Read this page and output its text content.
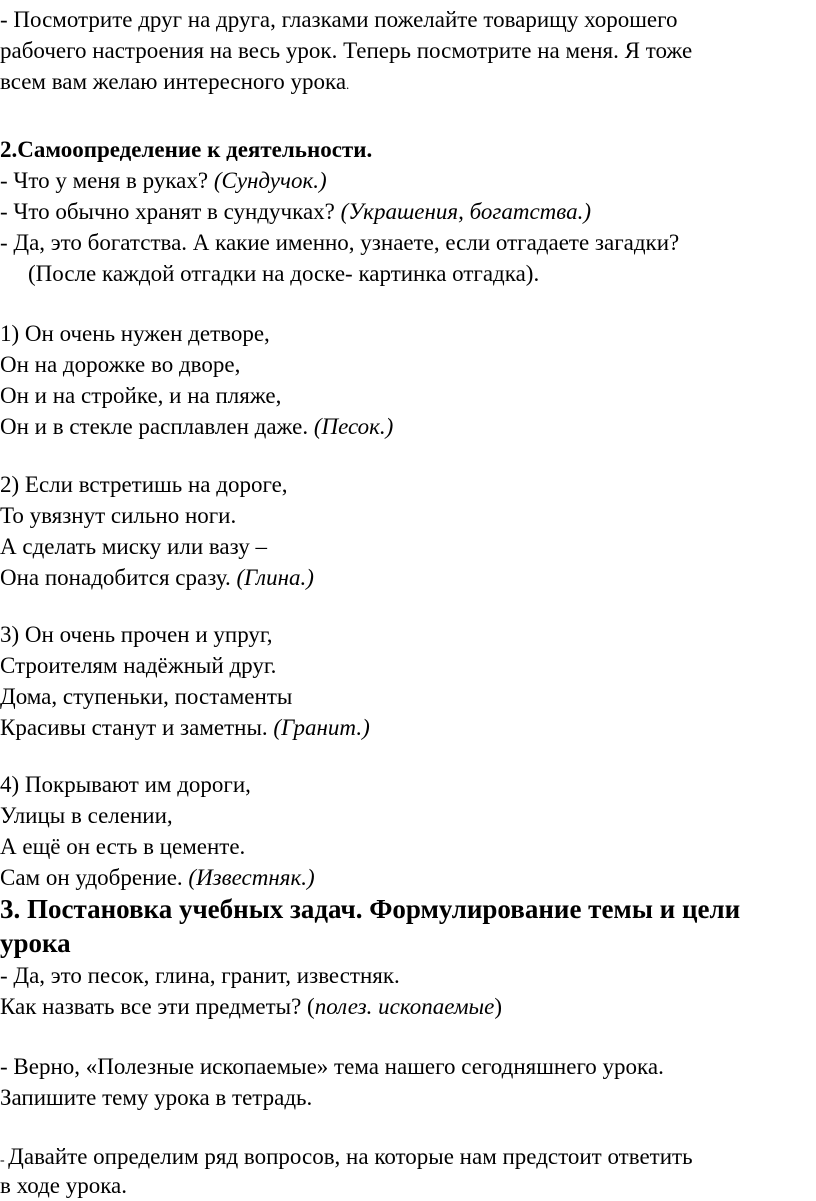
- Посмотрите друг на друга, глазками пожелайте товарищу хорошего
рабочего настроения на весь урок. Теперь посмотрите на меня. Я тоже
всем вам желаю интересного урока.
2.Самоопределение к деятельности.
- Что у меня в руках? (Сундучок.)
- Что обычно хранят в сундучках? (Украшения, богатства.)
- Да, это богатства. А какие именно, узнаете, если отгадаете загадки?
(После каждой отгадки на доске- картинка отгадка).
1) Он очень нужен детворе,
Он на дорожке во дворе,
Он и на стройке, и на пляже,
Он и в стекле расплавлен даже. (Песок.)
2) Если встретишь на дороге,
То увязнут сильно ноги.
А сделать миску или вазу –
Она понадобится сразу. (Глина.)
3) Он очень прочен и упруг,
Строителям надёжный друг.
Дома, ступеньки, постаменты
Красивы станут и заметны. (Гранит.)
4) Покрывают им дороги,
Улицы в селении,
А ещё он есть в цементе.
Сам он удобрение. (Известняк.)
3. Постановка учебных задач. Формулирование темы и цели
урока
- Да, это песок, глина, гранит, известняк.
Как назвать все эти предметы? (полез. ископаемые)
- Верно, «Полезные ископаемые» тема нашего сегодняшнего урока.
Запишите тему урока в тетрадь.
- Давайте определим ряд вопросов, на которые нам предстоит ответить
в ходе урока.
